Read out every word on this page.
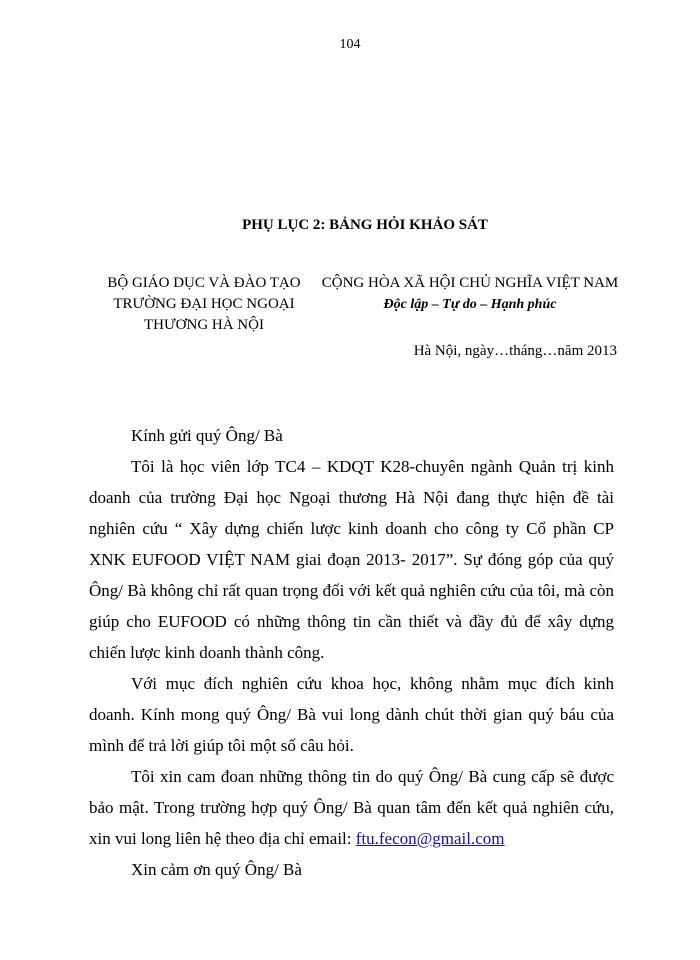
104
PHỤ LỤC 2: BẢNG HỎI KHẢO SÁT
BỘ GIÁO DỤC VÀ ĐÀO TẠO
TRƯỜNG ĐẠI HỌC NGOẠI
THƯƠNG HÀ NỘI
CỘNG HÒA XÃ HỘI CHỦ NGHĨA VIỆT NAM
Độc lập – Tự do – Hạnh phúc
Hà Nội, ngày…tháng…năm 2013

Kính gửi quý Ông/ Bà

Tôi là học viên lớp TC4 – KDQT K28-chuyên ngành Quản trị kinh doanh của trường Đại học Ngoại thương Hà Nội đang thực hiện đề tài nghiên cứu “ Xây dựng chiến lược kinh doanh cho công ty Cổ phần CP XNK EUFOOD VIỆT NAM giai đoạn 2013- 2017”. Sự đóng góp của quý Ông/ Bà không chỉ rất quan trọng đối với kết quả nghiên cứu của tôi, mà còn giúp cho EUFOOD có những thông tin cần thiết và đầy đủ để xây dựng chiến lược kinh doanh thành công.

Với mục đích nghiên cứu khoa học, không nhằm mục đích kinh doanh. Kính mong quý Ông/ Bà vui long dành chút thời gian quý báu của mình để trả lời giúp tôi một số câu hỏi.

Tôi xin cam đoan những thông tin do quý Ông/ Bà cung cấp sẽ được bảo mật. Trong trường hợp quý Ông/ Bà quan tâm đến kết quả nghiên cứu, xin vui long liên hệ theo địa chỉ email: ftu.fecon@gmail.com

Xin cảm ơn quý Ông/ Bà
